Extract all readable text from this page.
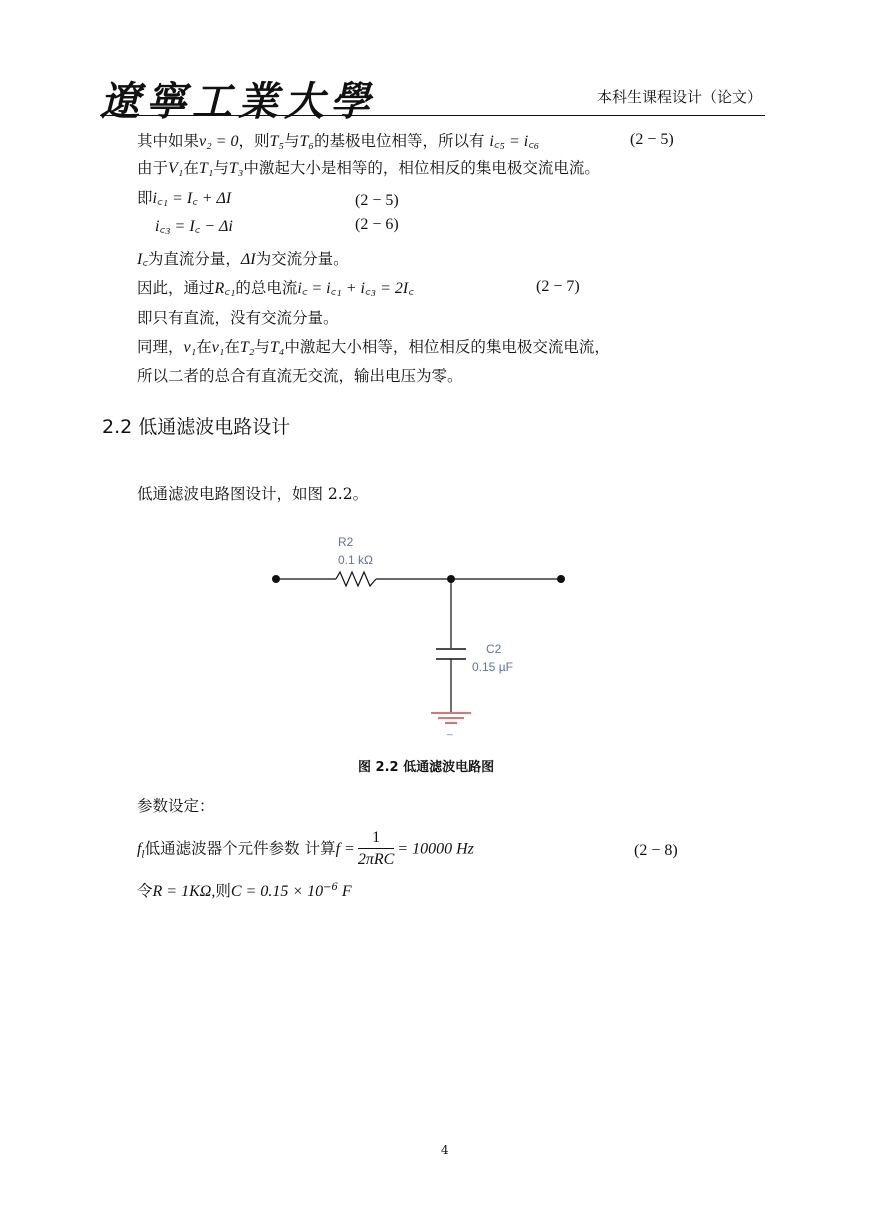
遼寧工業大學	本科生课程设计（论文）
其中如果v₂ = 0，则T₅与T₆的基极电位相等，所以有 i꜀₅ = i꜀₆	(2 − 5)
由于V₁在T₁与T₃中激起大小是相等的，相位相反的集电极交流电流。
即i꜀₁ = I꜀ + ΔI	(2 − 5)
i꜀₃ = I꜀ − Δi	(2 − 6)
I꜀为直流分量，ΔI为交流分量。
因此，通过R꜀₁的总电流i꜀ = i꜀₁ + i꜀₃ = 2I꜀	(2 − 7)
即只有直流，没有交流分量。
同理，v₁在v₁在T₂与T₄中激起大小相等，相位相反的集电极交流电流，
所以二者的总合有直流无交流，输出电压为零。
2.2 低通滤波电路设计
低通滤波电路图设计，如图 2.2。
R2
0.1 kΩ
C2
0.15 µF
_
图 2.2 低通滤波电路图
参数设定：
$f_l$低通滤波器个元件参数 计算$f = \frac{1}{\text{2πRC}} = 10000$ Hz	(2 − 8)
令R = 1KΩ,则$C = 0.15 \times 10^{-6}$ F
4
